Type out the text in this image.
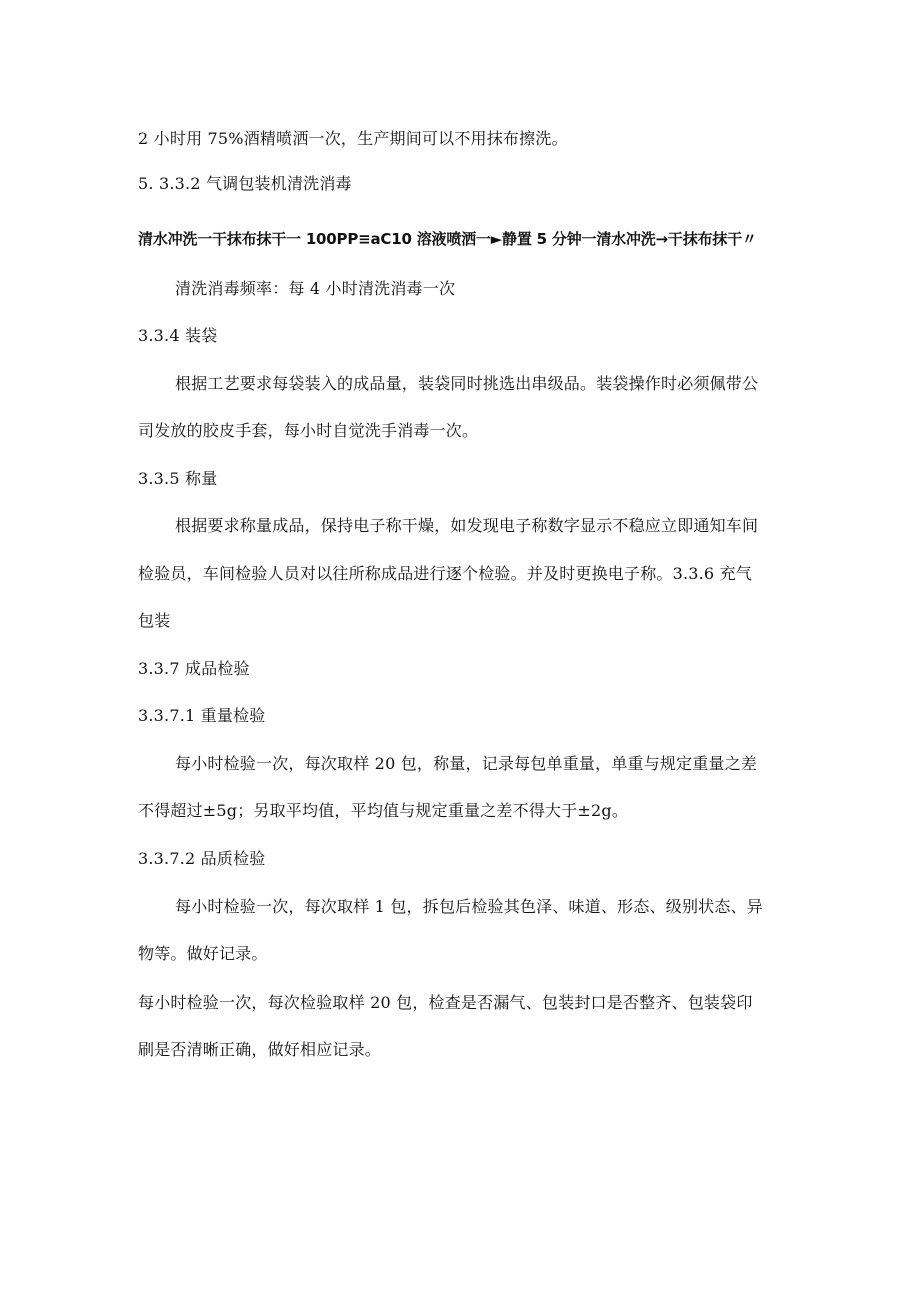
2 小时用 75%酒精喷洒一次，生产期间可以不用抹布擦洗。
5. 3.3.2 气调包装机清洗消毒
清水冲洗一干抹布抹干一 100PP≡aC10 溶液喷洒一►静置 5 分钟一清水冲洗→干抹布抹干〃
清洗消毒频率：每 4 小时清洗消毒一次
3.3.4 装袋
根据工艺要求每袋装入的成品量，装袋同时挑选出串级品。装袋操作时必须佩带公
司发放的胶皮手套，每小时自觉洗手消毒一次。
3.3.5 称量
根据要求称量成品，保持电子称干燥，如发现电子称数字显示不稳应立即通知车间
检验员，车间检验人员对以往所称成品进行逐个检验。并及时更换电子称。3.3.6 充气
包装
3.3.7 成品检验
3.3.7.1 重量检验
每小时检验一次，每次取样 20 包，称量，记录每包单重量，单重与规定重量之差
不得超过±5g；另取平均值，平均值与规定重量之差不得大于±2g。
3.3.7.2 品质检验
每小时检验一次，每次取样 1 包，拆包后检验其色泽、味道、形态、级别状态、异
物等。做好记录。
每小时检验一次，每次检验取样 20 包，检查是否漏气、包装封口是否整齐、包装袋印
刷是否清晰正确，做好相应记录。
